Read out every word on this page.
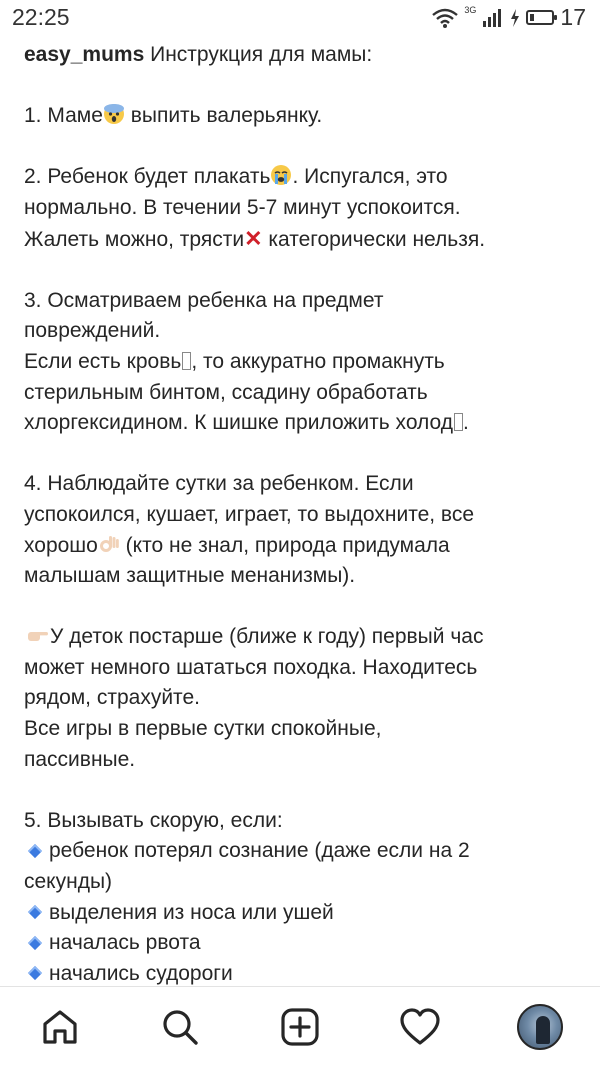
22:25	3G	17

easy_mums Инструкция для мамы:

1. Маме выпить валерьянку.

2. Ребенок будет плакать . Испугался, это
нормально. В течении 5-7 минут успокоится.
Жалеть можно, трясти✕ категорически нельзя.

3. Осматриваем ребенка на предмет
повреждений.
Если есть кровь , то аккуратно промакнуть
стерильным бинтом, ссадину обработать
хлоргексидином. К шишке приложить холод .

4. Наблюдайте сутки за ребенком. Если
успокоился, кушает, играет, то выдохните, все
хорошо (кто не знал, природа придумала
малышам защитные менанизмы).

У деток постарше (ближе к году) первый час
может немного шататься походка. Находитесь
рядом, страхуйте.
Все игры в первые сутки спокойные,
пассивные.

5. Вызывать скорую, если:
ребенок потерял сознание (даже если на 2
секунды)
выделения из носа или ушей
началась рвота
начались судороги
